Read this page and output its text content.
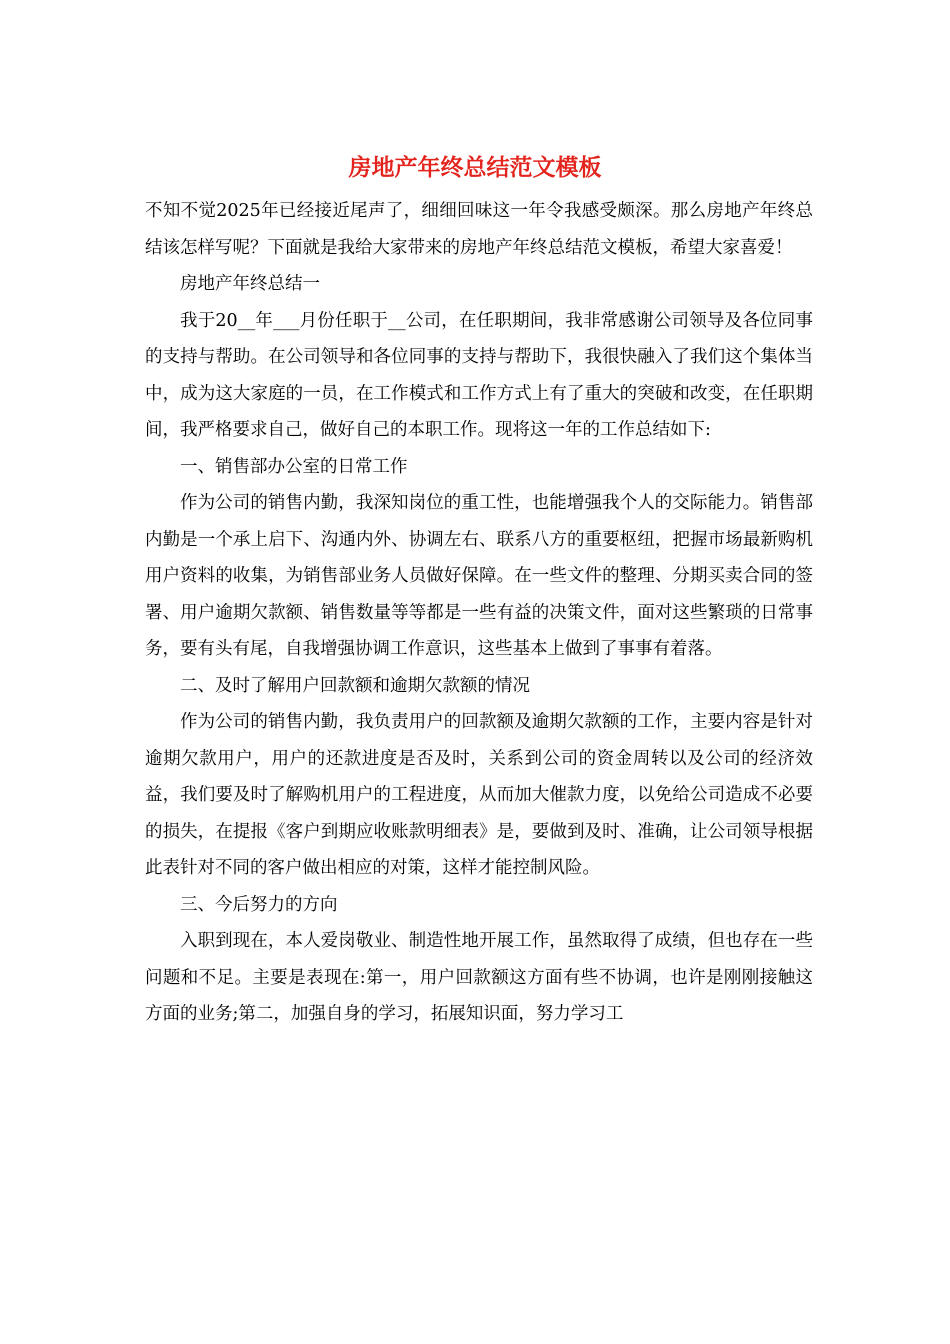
房地产年终总结范文模板

不知不觉2025年已经接近尾声了，细细回味这一年令我感受颇深。那么房地产年终总结该怎样写呢？下面就是我给大家带来的房地产年终总结范文模板，希望大家喜爱！

房地产年终总结一

我于20__年___月份任职于__公司，在任职期间，我非常感谢公司领导及各位同事的支持与帮助。在公司领导和各位同事的支持与帮助下，我很快融入了我们这个集体当中，成为这大家庭的一员，在工作模式和工作方式上有了重大的突破和改变，在任职期间，我严格要求自己，做好自己的本职工作。现将这一年的工作总结如下:

一、销售部办公室的日常工作

作为公司的销售内勤，我深知岗位的重工性，也能增强我个人的交际能力。销售部内勤是一个承上启下、沟通内外、协调左右、联系八方的重要枢纽，把握市场最新购机用户资料的收集，为销售部业务人员做好保障。在一些文件的整理、分期买卖合同的签署、用户逾期欠款额、销售数量等等都是一些有益的决策文件，面对这些繁琐的日常事务，要有头有尾，自我增强协调工作意识，这些基本上做到了事事有着落。

二、及时了解用户回款额和逾期欠款额的情况

作为公司的销售内勤，我负责用户的回款额及逾期欠款额的工作，主要内容是针对逾期欠款用户，用户的还款进度是否及时，关系到公司的资金周转以及公司的经济效益，我们要及时了解购机用户的工程进度，从而加大催款力度，以免给公司造成不必要的损失，在提报《客户到期应收账款明细表》是，要做到及时、准确，让公司领导根据此表针对不同的客户做出相应的对策，这样才能控制风险。

三、今后努力的方向

入职到现在，本人爱岗敬业、制造性地开展工作，虽然取得了成绩，但也存在一些问题和不足。主要是表现在:第一，用户回款额这方面有些不协调，也许是刚刚接触这方面的业务;第二，加强自身的学习，拓展知识面，努力学习工
